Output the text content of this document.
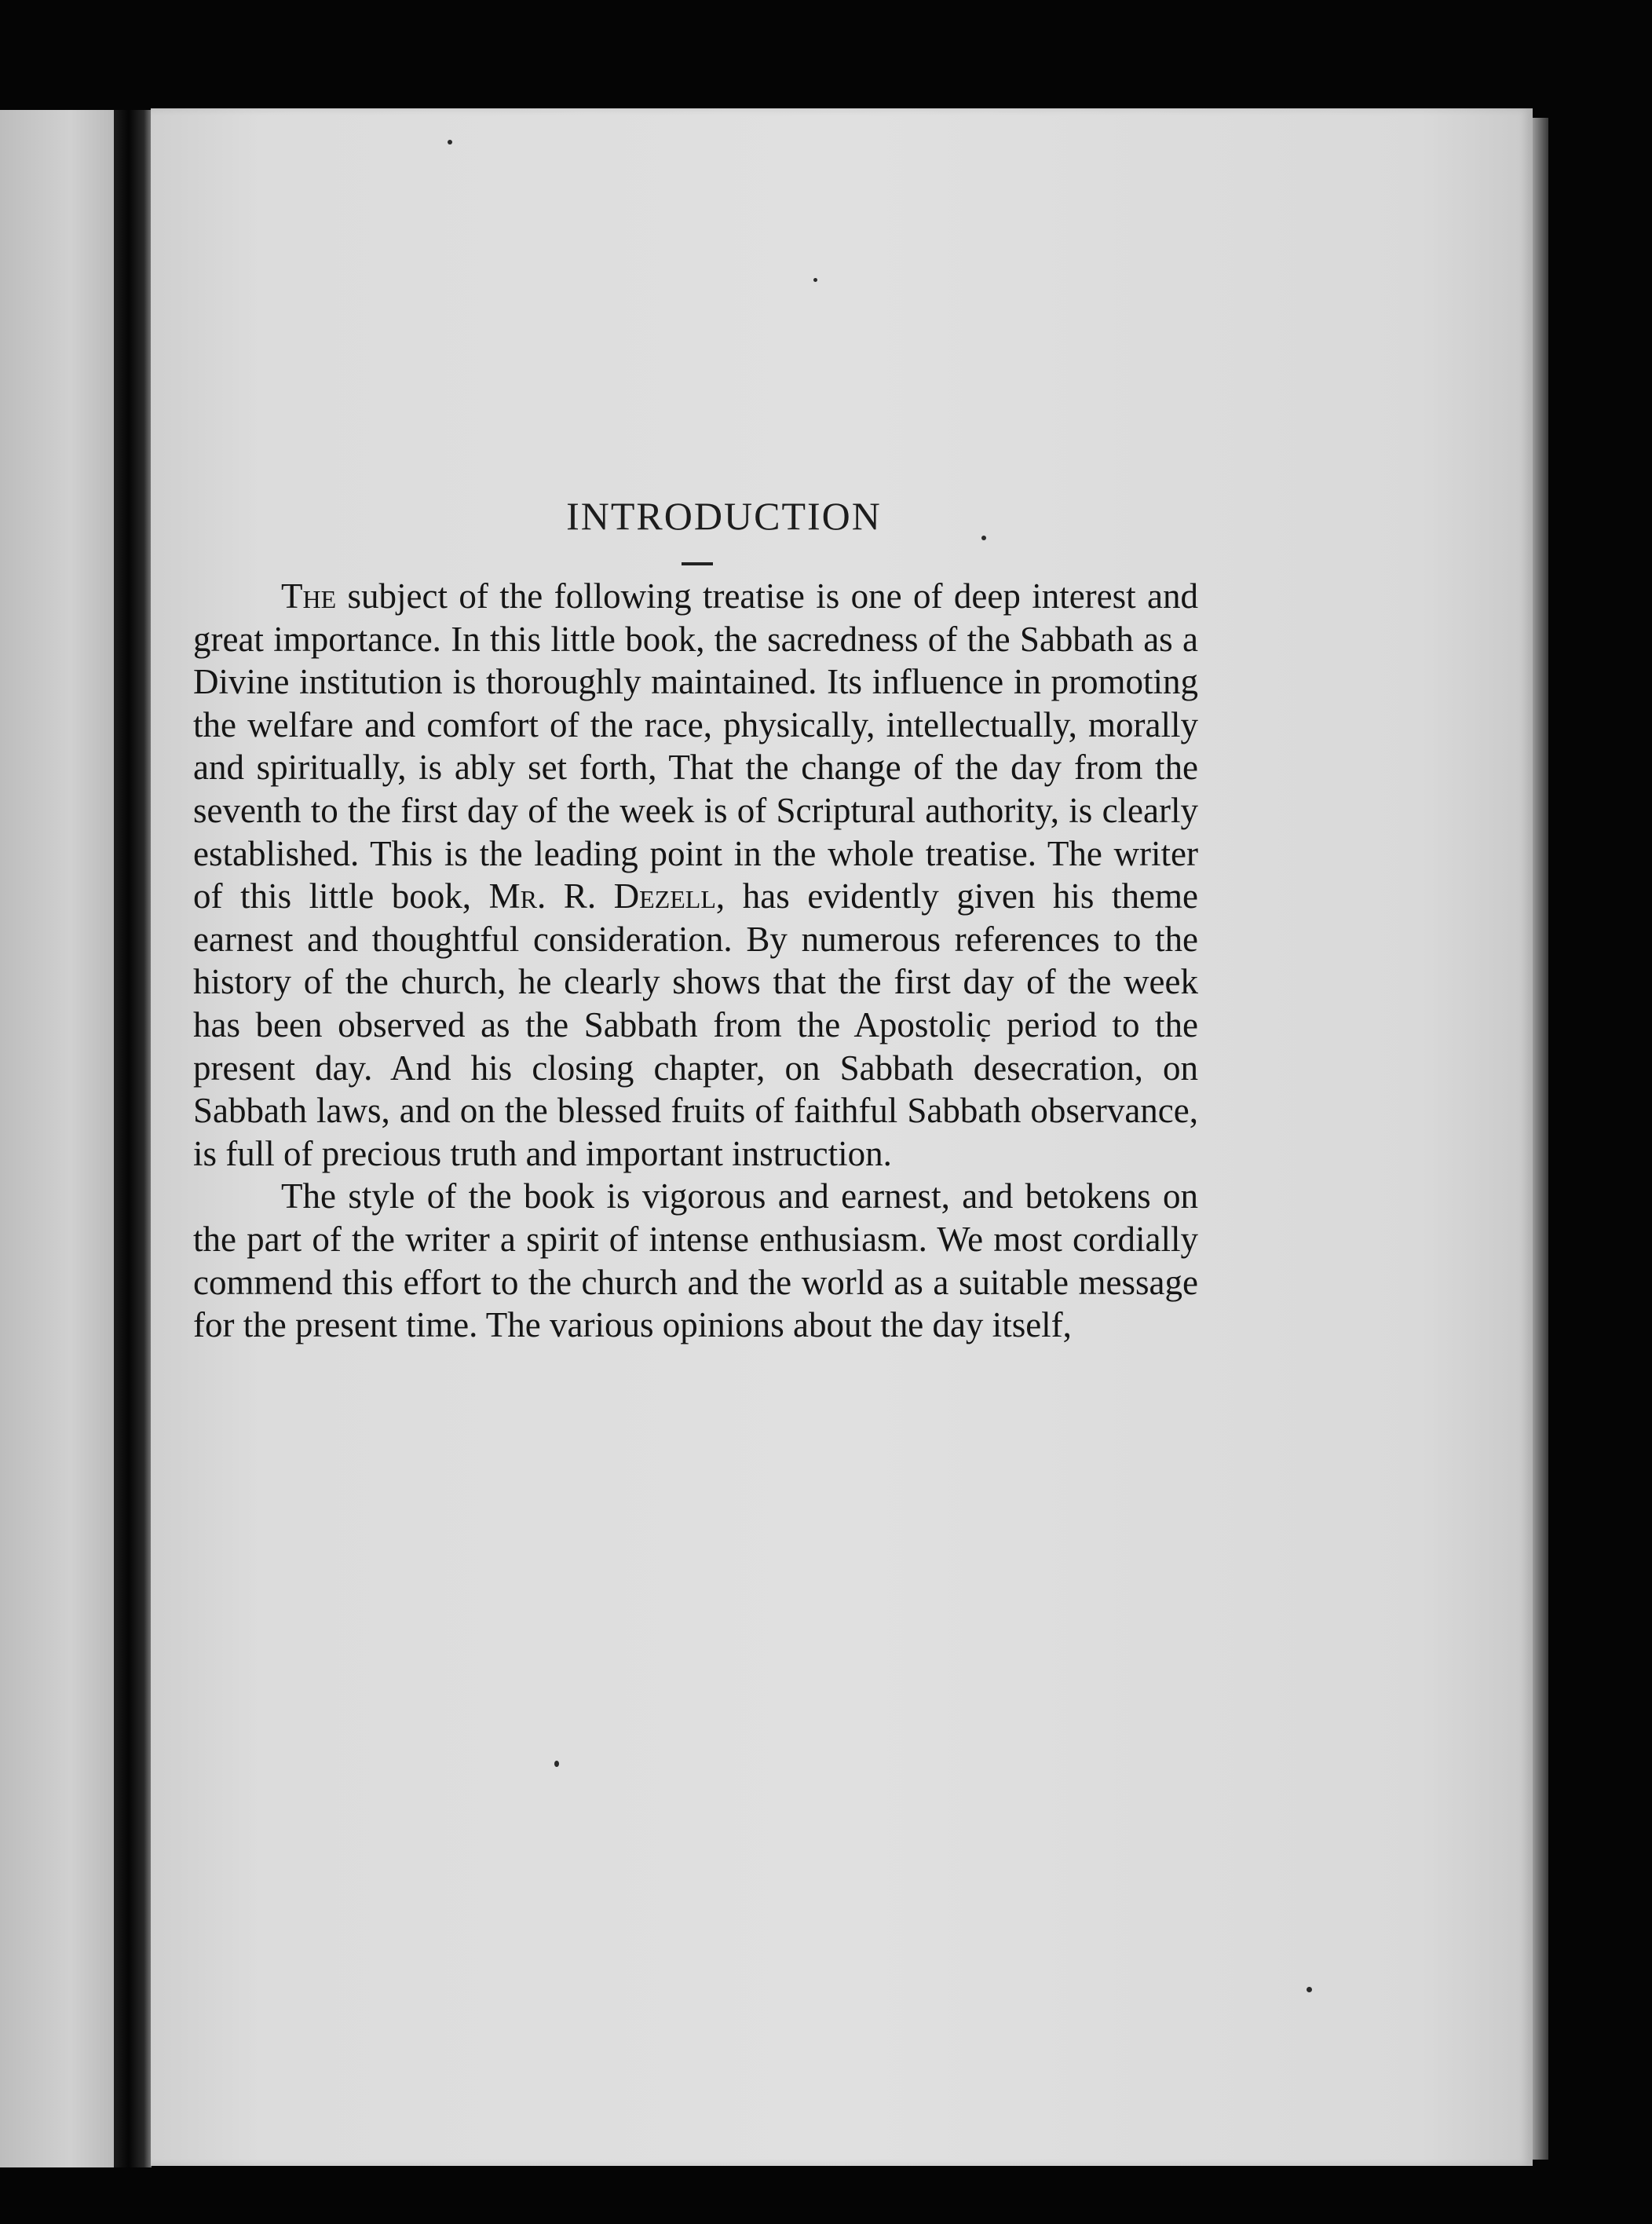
INTRODUCTION

The subject of the following treatise is one of deep interest and great importance. In this little book, the sacredness of the Sabbath as a Divine institution is thoroughly maintained. Its influence in promoting the welfare and comfort of the race, physically, intellectually, morally and spiritually, is ably set forth, That the change of the day from the seventh to the first day of the week is of Scriptural authority, is clearly established. This is the leading point in the whole treatise. The writer of this little book, Mr. R. Dezell, has evidently given his theme earnest and thoughtful consideration. By numerous references to the history of the church, he clearly shows that the first day of the week has been observed as the Sabbath from the Apostolic period to the present day. And his closing chapter, on Sabbath desecration, on Sabbath laws, and on the blessed fruits of faithful Sabbath observance, is full of precious truth and important instruction.

The style of the book is vigorous and earnest, and betokens on the part of the writer a spirit of intense enthusiasm. We most cordially commend this effort to the church and the world as a suitable message for the present time. The various opinions about the day itself,
